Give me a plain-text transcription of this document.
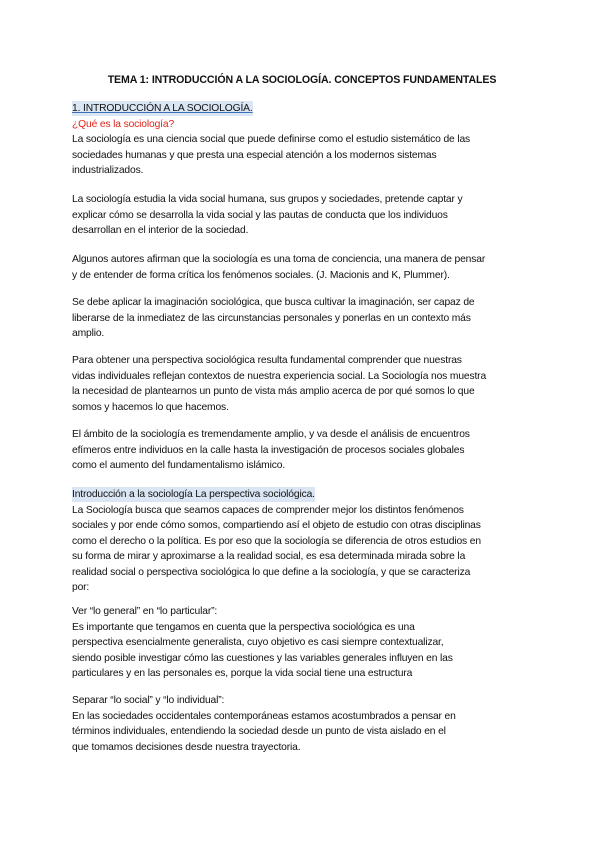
TEMA 1: INTRODUCCIÓN A LA SOCIOLOGÍA. CONCEPTOS FUNDAMENTALES
1. INTRODUCCIÓN A LA SOCIOLOGÍA.
¿Qué es la sociología?
La sociología es una ciencia social que puede definirse como el estudio sistemático de las
sociedades humanas y que presta una especial atención a los modernos sistemas
industrializados.
La sociología estudia la vida social humana, sus grupos y sociedades, pretende captar y
explicar cómo se desarrolla la vida social y las pautas de conducta que los individuos
desarrollan en el interior de la sociedad.
Algunos autores afirman que la sociología es una toma de conciencia, una manera de pensar
y de entender de forma crítica los fenómenos sociales. (J. Macionis and K, Plummer).
Se debe aplicar la imaginación sociológica, que busca cultivar la imaginación, ser capaz de
liberarse de la inmediatez de las circunstancias personales y ponerlas en un contexto más
amplio.
Para obtener una perspectiva sociológica resulta fundamental comprender que nuestras
vidas individuales reflejan contextos de nuestra experiencia social. La Sociología nos muestra
la necesidad de plantearnos un punto de vista más amplio acerca de por qué somos lo que
somos y hacemos lo que hacemos.
El ámbito de la sociología es tremendamente amplio, y va desde el análisis de encuentros
efímeros entre individuos en la calle hasta la investigación de procesos sociales globales
como el aumento del fundamentalismo islámico.
Introducción a la sociología La perspectiva sociológica.
La Sociología busca que seamos capaces de comprender mejor los distintos fenómenos
sociales y por ende cómo somos, compartiendo así el objeto de estudio con otras disciplinas
como el derecho o la política. Es por eso que la sociología se diferencia de otros estudios en
su forma de mirar y aproximarse a la realidad social, es esa determinada mirada sobre la
realidad social o perspectiva sociológica lo que define a la sociología, y que se caracteriza
por:
Ver “lo general” en “lo particular”:
Es importante que tengamos en cuenta que la perspectiva sociológica es una
perspectiva esencialmente generalista, cuyo objetivo es casi siempre contextualizar,
siendo posible investigar cómo las cuestiones y las variables generales influyen en las
particulares y en las personales es, porque la vida social tiene una estructura
Separar “lo social” y “lo individual”:
En las sociedades occidentales contemporáneas estamos acostumbrados a pensar en
términos individuales, entendiendo la sociedad desde un punto de vista aislado en el
que tomamos decisiones desde nuestra trayectoria.
